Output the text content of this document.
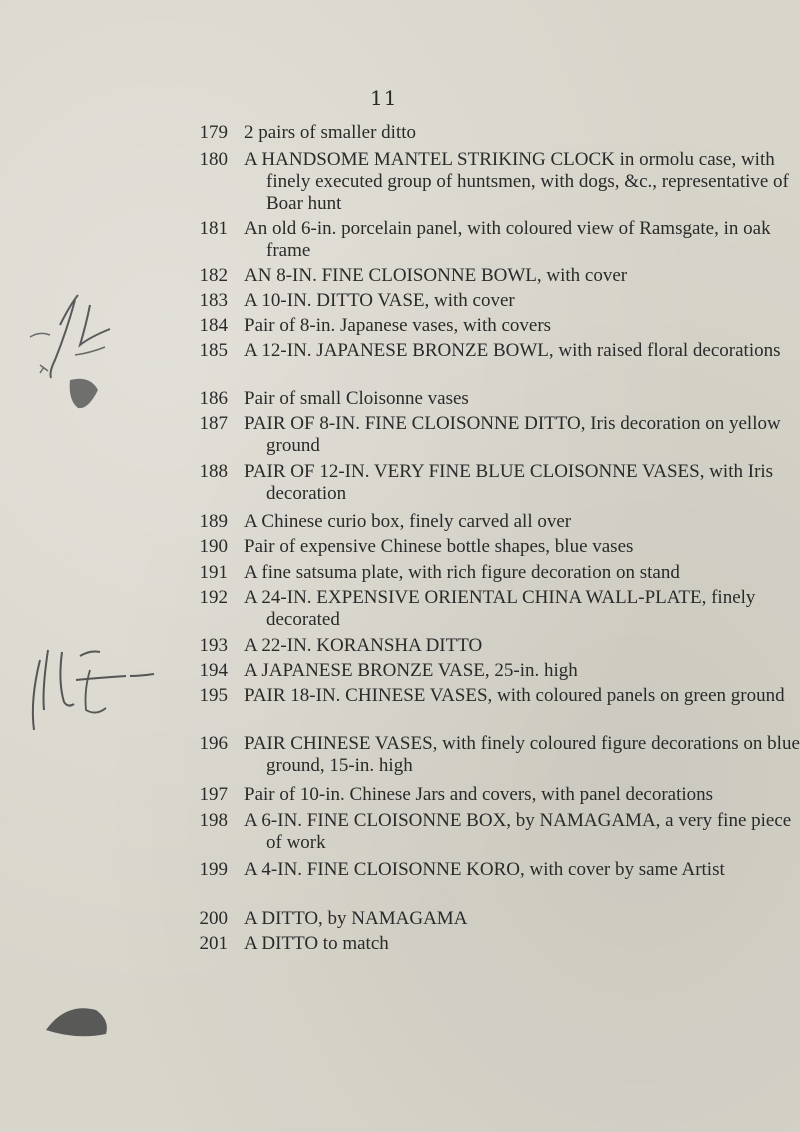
11
179 2 pairs of smaller ditto
180 A HANDSOME MANTEL STRIKING CLOCK in ormolu case, with finely executed group of huntsmen, with dogs, &c., representative of Boar hunt
181 An old 6-in. porcelain panel, with coloured view of Ramsgate, in oak frame
182 AN 8-IN. FINE CLOISONNE BOWL, with cover
183 A 10-IN. DITTO VASE, with cover
184 Pair of 8-in. Japanese vases, with covers
185 A 12-IN. JAPANESE BRONZE BOWL, with raised floral decorations
186 Pair of small Cloisonne vases
187 PAIR OF 8-IN. FINE CLOISONNE DITTO, Iris decoration on yellow ground
188 PAIR OF 12-IN. VERY FINE BLUE CLOISONNE VASES, with Iris decoration
189 A Chinese curio box, finely carved all over
190 Pair of expensive Chinese bottle shapes, blue vases
191 A fine satsuma plate, with rich figure decoration on stand
192 A 24-IN. EXPENSIVE ORIENTAL CHINA WALL-PLATE, finely decorated
193 A 22-IN. KORANSHA DITTO
194 A JAPANESE BRONZE VASE, 25-in. high
195 PAIR 18-IN. CHINESE VASES, with coloured panels on green ground
196 PAIR CHINESE VASES, with finely coloured figure decorations on blue ground, 15-in. high
197 Pair of 10-in. Chinese Jars and covers, with panel decorations
198 A 6-IN. FINE CLOISONNE BOX, by NAMAGAMA, a very fine piece of work
199 A 4-IN. FINE CLOISONNE KORO, with cover by same Artist
200 A DITTO, by NAMAGAMA
201 A DITTO to match
